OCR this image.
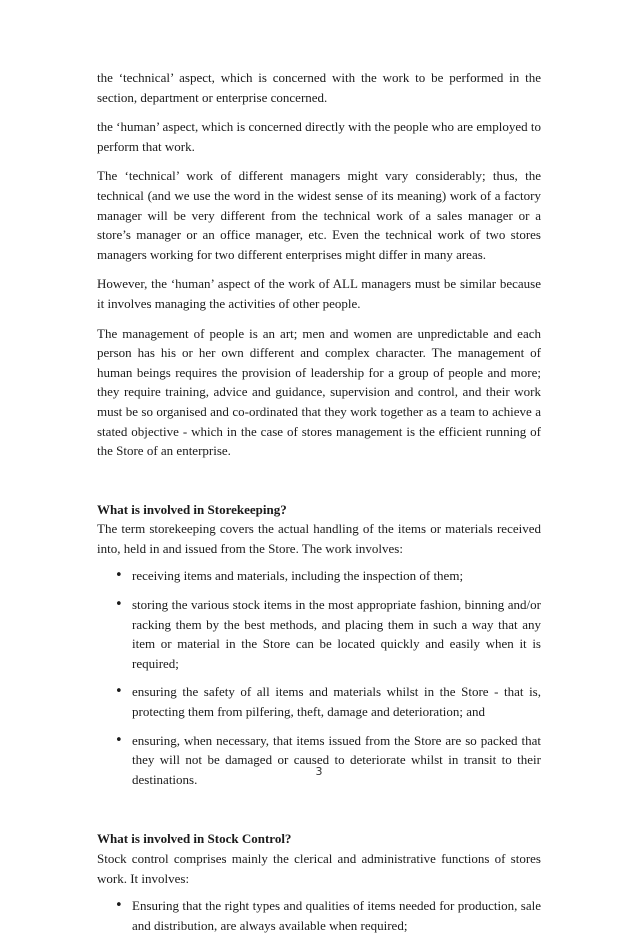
the ‘technical’ aspect, which is concerned with the work to be performed in the section, department or enterprise concerned.

the ‘human’ aspect, which is concerned directly with the people who are employed to perform that work.

The ‘technical’ work of different managers might vary considerably; thus, the technical (and we use the word in the widest sense of its meaning) work of a factory manager will be very different from the technical work of a sales manager or a store’s manager or an office manager, etc. Even the technical work of two stores managers working for two different enterprises might differ in many areas.

However, the ‘human’ aspect of the work of ALL managers must be similar because it involves managing the activities of other people.

The management of people is an art; men and women are unpredictable and each person has his or her own different and complex character. The management of human beings requires the provision of leadership for a group of people and more; they require training, advice and guidance, supervision and control, and their work must be so organised and co-ordinated that they work together as a team to achieve a stated objective - which in the case of stores management is the efficient running of the Store of an enterprise.

What is involved in Storekeeping?

The term storekeeping covers the actual handling of the items or materials received into, held in and issued from the Store. The work involves:

• receiving items and materials, including the inspection of them;
• storing the various stock items in the most appropriate fashion, binning and/or racking them by the best methods, and placing them in such a way that any item or material in the Store can be located quickly and easily when it is required;
• ensuring the safety of all items and materials whilst in the Store - that is, protecting them from pilfering, theft, damage and deterioration; and
• ensuring, when necessary, that items issued from the Store are so packed that they will not be damaged or caused to deteriorate whilst in transit to their destinations.
What is involved in Stock Control?

Stock control comprises mainly the clerical and administrative functions of stores work. It involves:

• Ensuring that the right types and qualities of items needed for production, sale and distribution, are always available when required;
3
